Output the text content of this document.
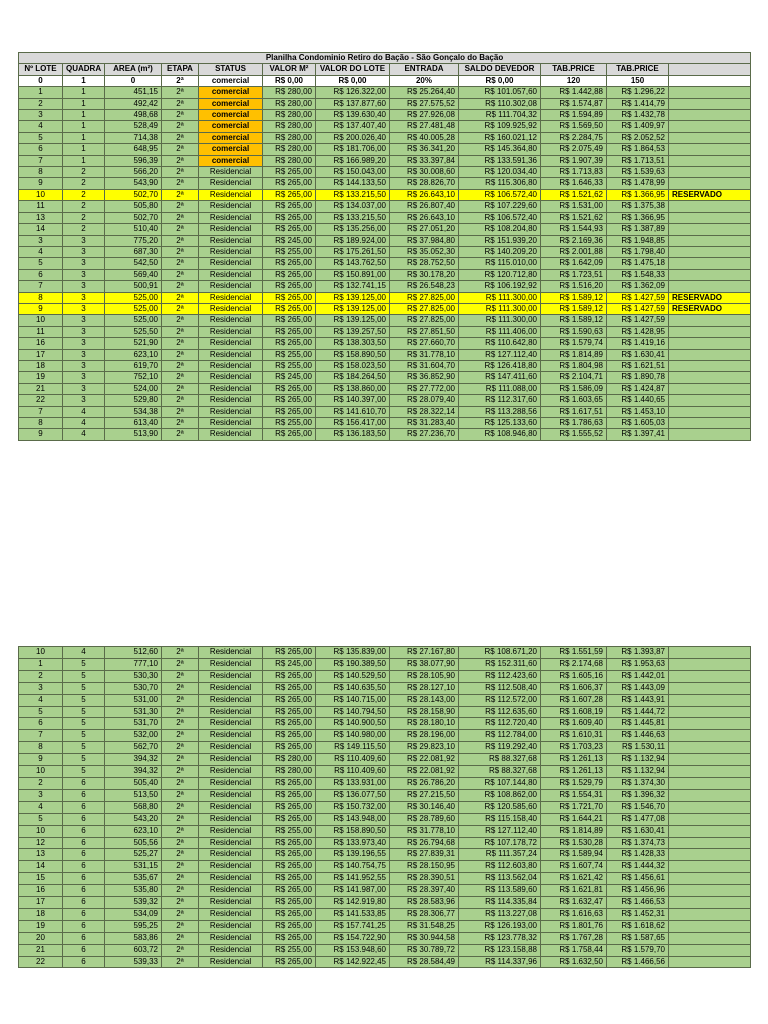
Planilha Condominio Retiro do Bação - São Gonçalo do Bação											
Nº LOTE	QUADRA	AREA (m²)	ETAPA	STATUS	VALOR M²	VALOR DO LOTE	ENTRADA	SALDO DEVEDOR	TAB.PRICE	TAB.PRICE	
0	1	0	2ª	comercial	R$ 0,00	R$ 0,00	20%	R$ 0,00	120	150	
1	1	451,15	2ª	comercial	R$ 280,00	R$ 126.322,00	R$ 25.264,40	R$ 101.057,60	R$ 1.442,88	R$ 1.296,22	
2	1	492,42	2ª	comercial	R$ 280,00	R$ 137.877,60	R$ 27.575,52	R$ 110.302,08	R$ 1.574,87	R$ 1.414,79	
3	1	498,68	2ª	comercial	R$ 280,00	R$ 139.630,40	R$ 27.926,08	R$ 111.704,32	R$ 1.594,89	R$ 1.432,78	
4	1	528,49	2ª	comercial	R$ 280,00	R$ 137.407,40	R$ 27.481,48	R$ 109.925,92	R$ 1.569,50	R$ 1.409,97	
5	1	714,38	2ª	comercial	R$ 280,00	R$ 200.026,40	R$ 40.005,28	R$ 160.021,12	R$ 2.284,75	R$ 2.052,52	
6	1	648,95	2ª	comercial	R$ 280,00	R$ 181.706,00	R$ 36.341,20	R$ 145.364,80	R$ 2.075,49	R$ 1.864,53	
7	1	596,39	2ª	comercial	R$ 280,00	R$ 166.989,20	R$ 33.397,84	R$ 133.591,36	R$ 1.907,39	R$ 1.713,51	
8	2	566,20	2ª	Residencial	R$ 265,00	R$ 150.043,00	R$ 30.008,60	R$ 120.034,40	R$ 1.713,83	R$ 1.539,63	
9	2	543,90	2ª	Residencial	R$ 265,00	R$ 144.133,50	R$ 28.826,70	R$ 115.306,80	R$ 1.646,33	R$ 1.478,99	
10	2	502,70	2ª	Residencial	R$ 265,00	R$ 133.215,50	R$ 26.643,10	R$ 106.572,40	R$ 1.521,62	R$ 1.366,95	RESERVADO
11	2	505,80	2ª	Residencial	R$ 265,00	R$ 134.037,00	R$ 26.807,40	R$ 107.229,60	R$ 1.531,00	R$ 1.375,38	
13	2	502,70	2ª	Residencial	R$ 265,00	R$ 133.215,50	R$ 26.643,10	R$ 106.572,40	R$ 1.521,62	R$ 1.366,95	
14	2	510,40	2ª	Residencial	R$ 265,00	R$ 135.256,00	R$ 27.051,20	R$ 108.204,80	R$ 1.544,93	R$ 1.387,89	
3	3	775,20	2ª	Residencial	R$ 245,00	R$ 189.924,00	R$ 37.984,80	R$ 151.939,20	R$ 2.169,36	R$ 1.948,85	
4	3	687,30	2ª	Residencial	R$ 255,00	R$ 175.261,50	R$ 35.052,30	R$ 140.209,20	R$ 2.001,88	R$ 1.798,40	
5	3	542,50	2ª	Residencial	R$ 265,00	R$ 143.762,50	R$ 28.752,50	R$ 115.010,00	R$ 1.642,09	R$ 1.475,18	
6	3	569,40	2ª	Residencial	R$ 265,00	R$ 150.891,00	R$ 30.178,20	R$ 120.712,80	R$ 1.723,51	R$ 1.548,33	
7	3	500,91	2ª	Residencial	R$ 265,00	R$ 132.741,15	R$ 26.548,23	R$ 106.192,92	R$ 1.516,20	R$ 1.362,09	
8	3	525,00	2ª	Residencial	R$ 265,00	R$ 139.125,00	R$ 27.825,00	R$ 111.300,00	R$ 1.589,12	R$ 1.427,59	RESERVADO
9	3	525,00	2ª	Residencial	R$ 265,00	R$ 139.125,00	R$ 27.825,00	R$ 111.300,00	R$ 1.589,12	R$ 1.427,59	RESERVADO
10	3	525,00	2ª	Residencial	R$ 265,00	R$ 139.125,00	R$ 27.825,00	R$ 111.300,00	R$ 1.589,12	R$ 1.427,59	
11	3	525,50	2ª	Residencial	R$ 265,00	R$ 139.257,50	R$ 27.851,50	R$ 111.406,00	R$ 1.590,63	R$ 1.428,95	
16	3	521,90	2ª	Residencial	R$ 265,00	R$ 138.303,50	R$ 27.660,70	R$ 110.642,80	R$ 1.579,74	R$ 1.419,16	
17	3	623,10	2ª	Residencial	R$ 255,00	R$ 158.890,50	R$ 31.778,10	R$ 127.112,40	R$ 1.814,89	R$ 1.630,41	
18	3	619,70	2ª	Residencial	R$ 255,00	R$ 158.023,50	R$ 31.604,70	R$ 126.418,80	R$ 1.804,98	R$ 1.621,51	
19	3	752,10	2ª	Residencial	R$ 245,00	R$ 184.264,50	R$ 36.852,90	R$ 147.411,60	R$ 2.104,71	R$ 1.890,78	
21	3	524,00	2ª	Residencial	R$ 265,00	R$ 138.860,00	R$ 27.772,00	R$ 111.088,00	R$ 1.586,09	R$ 1.424,87	
22	3	529,80	2ª	Residencial	R$ 265,00	R$ 140.397,00	R$ 28.079,40	R$ 112.317,60	R$ 1.603,65	R$ 1.440,65	
7	4	534,38	2ª	Residencial	R$ 265,00	R$ 141.610,70	R$ 28.322,14	R$ 113.288,56	R$ 1.617,51	R$ 1.453,10	
8	4	613,40	2ª	Residencial	R$ 255,00	R$ 156.417,00	R$ 31.283,40	R$ 125.133,60	R$ 1.786,63	R$ 1.605,03	
9	4	513,90	2ª	Residencial	R$ 265,00	R$ 136.183,50	R$ 27.236,70	R$ 108.946,80	R$ 1.555,52	R$ 1.397,41	
10	4	512,60	2ª	Residencial	R$ 265,00	R$ 135.839,00	R$ 27.167,80	R$ 108.671,20	R$ 1.551,59	R$ 1.393,87	
1	5	777,10	2ª	Residencial	R$ 245,00	R$ 190.389,50	R$ 38.077,90	R$ 152.311,60	R$ 2.174,68	R$ 1.953,63	
2	5	530,30	2ª	Residencial	R$ 265,00	R$ 140.529,50	R$ 28.105,90	R$ 112.423,60	R$ 1.605,16	R$ 1.442,01	
3	5	530,70	2ª	Residencial	R$ 265,00	R$ 140.635,50	R$ 28.127,10	R$ 112.508,40	R$ 1.606,37	R$ 1.443,09	
4	5	531,00	2ª	Residencial	R$ 265,00	R$ 140.715,00	R$ 28.143,00	R$ 112.572,00	R$ 1.607,28	R$ 1.443,91	
5	5	531,30	2ª	Residencial	R$ 265,00	R$ 140.794,50	R$ 28.158,90	R$ 112.635,60	R$ 1.608,19	R$ 1.444,72	
6	5	531,70	2ª	Residencial	R$ 265,00	R$ 140.900,50	R$ 28.180,10	R$ 112.720,40	R$ 1.609,40	R$ 1.445,81	
7	5	532,00	2ª	Residencial	R$ 265,00	R$ 140.980,00	R$ 28.196,00	R$ 112.784,00	R$ 1.610,31	R$ 1.446,63	
8	5	562,70	2ª	Residencial	R$ 265,00	R$ 149.115,50	R$ 29.823,10	R$ 119.292,40	R$ 1.703,23	R$ 1.530,11	
9	5	394,32	2ª	Residencial	R$ 280,00	R$ 110.409,60	R$ 22.081,92	R$ 88.327,68	R$ 1.261,13	R$ 1.132,94	
10	5	394,32	2ª	Residencial	R$ 280,00	R$ 110.409,60	R$ 22.081,92	R$ 88.327,68	R$ 1.261,13	R$ 1.132,94	
2	6	505,40	2ª	Residencial	R$ 265,00	R$ 133.931,00	R$ 26.786,20	R$ 107.144,80	R$ 1.529,79	R$ 1.374,30	
3	6	513,50	2ª	Residencial	R$ 265,00	R$ 136.077,50	R$ 27.215,50	R$ 108.862,00	R$ 1.554,31	R$ 1.396,32	
4	6	568,80	2ª	Residencial	R$ 265,00	R$ 150.732,00	R$ 30.146,40	R$ 120.585,60	R$ 1.721,70	R$ 1.546,70	
5	6	543,20	2ª	Residencial	R$ 265,00	R$ 143.948,00	R$ 28.789,60	R$ 115.158,40	R$ 1.644,21	R$ 1.477,08	
10	6	623,10	2ª	Residencial	R$ 255,00	R$ 158.890,50	R$ 31.778,10	R$ 127.112,40	R$ 1.814,89	R$ 1.630,41	
12	6	505,56	2ª	Residencial	R$ 265,00	R$ 133.973,40	R$ 26.794,68	R$ 107.178,72	R$ 1.530,28	R$ 1.374,73	
13	6	525,27	2ª	Residencial	R$ 265,00	R$ 139.196,55	R$ 27.839,31	R$ 111.357,24	R$ 1.589,94	R$ 1.428,33	
14	6	531,15	2ª	Residencial	R$ 265,00	R$ 140.754,75	R$ 28.150,95	R$ 112.603,80	R$ 1.607,74	R$ 1.444,32	
15	6	535,67	2ª	Residencial	R$ 265,00	R$ 141.952,55	R$ 28.390,51	R$ 113.562,04	R$ 1.621,42	R$ 1.456,61	
16	6	535,80	2ª	Residencial	R$ 265,00	R$ 141.987,00	R$ 28.397,40	R$ 113.589,60	R$ 1.621,81	R$ 1.456,96	
17	6	539,32	2ª	Residencial	R$ 265,00	R$ 142.919,80	R$ 28.583,96	R$ 114.335,84	R$ 1.632,47	R$ 1.466,53	
18	6	534,09	2ª	Residencial	R$ 265,00	R$ 141.533,85	R$ 28.306,77	R$ 113.227,08	R$ 1.616,63	R$ 1.452,31	
19	6	595,25	2ª	Residencial	R$ 265,00	R$ 157.741,25	R$ 31.548,25	R$ 126.193,00	R$ 1.801,76	R$ 1.618,62	
20	6	583,86	2ª	Residencial	R$ 265,00	R$ 154.722,90	R$ 30.944,58	R$ 123.778,32	R$ 1.767,28	R$ 1.587,65	
21	6	603,72	2ª	Residencial	R$ 255,00	R$ 153.948,60	R$ 30.789,72	R$ 123.158,88	R$ 1.758,44	R$ 1.579,70	
22	6	539,33	2ª	Residencial	R$ 265,00	R$ 142.922,45	R$ 28.584,49	R$ 114.337,96	R$ 1.632,50	R$ 1.466,56	
